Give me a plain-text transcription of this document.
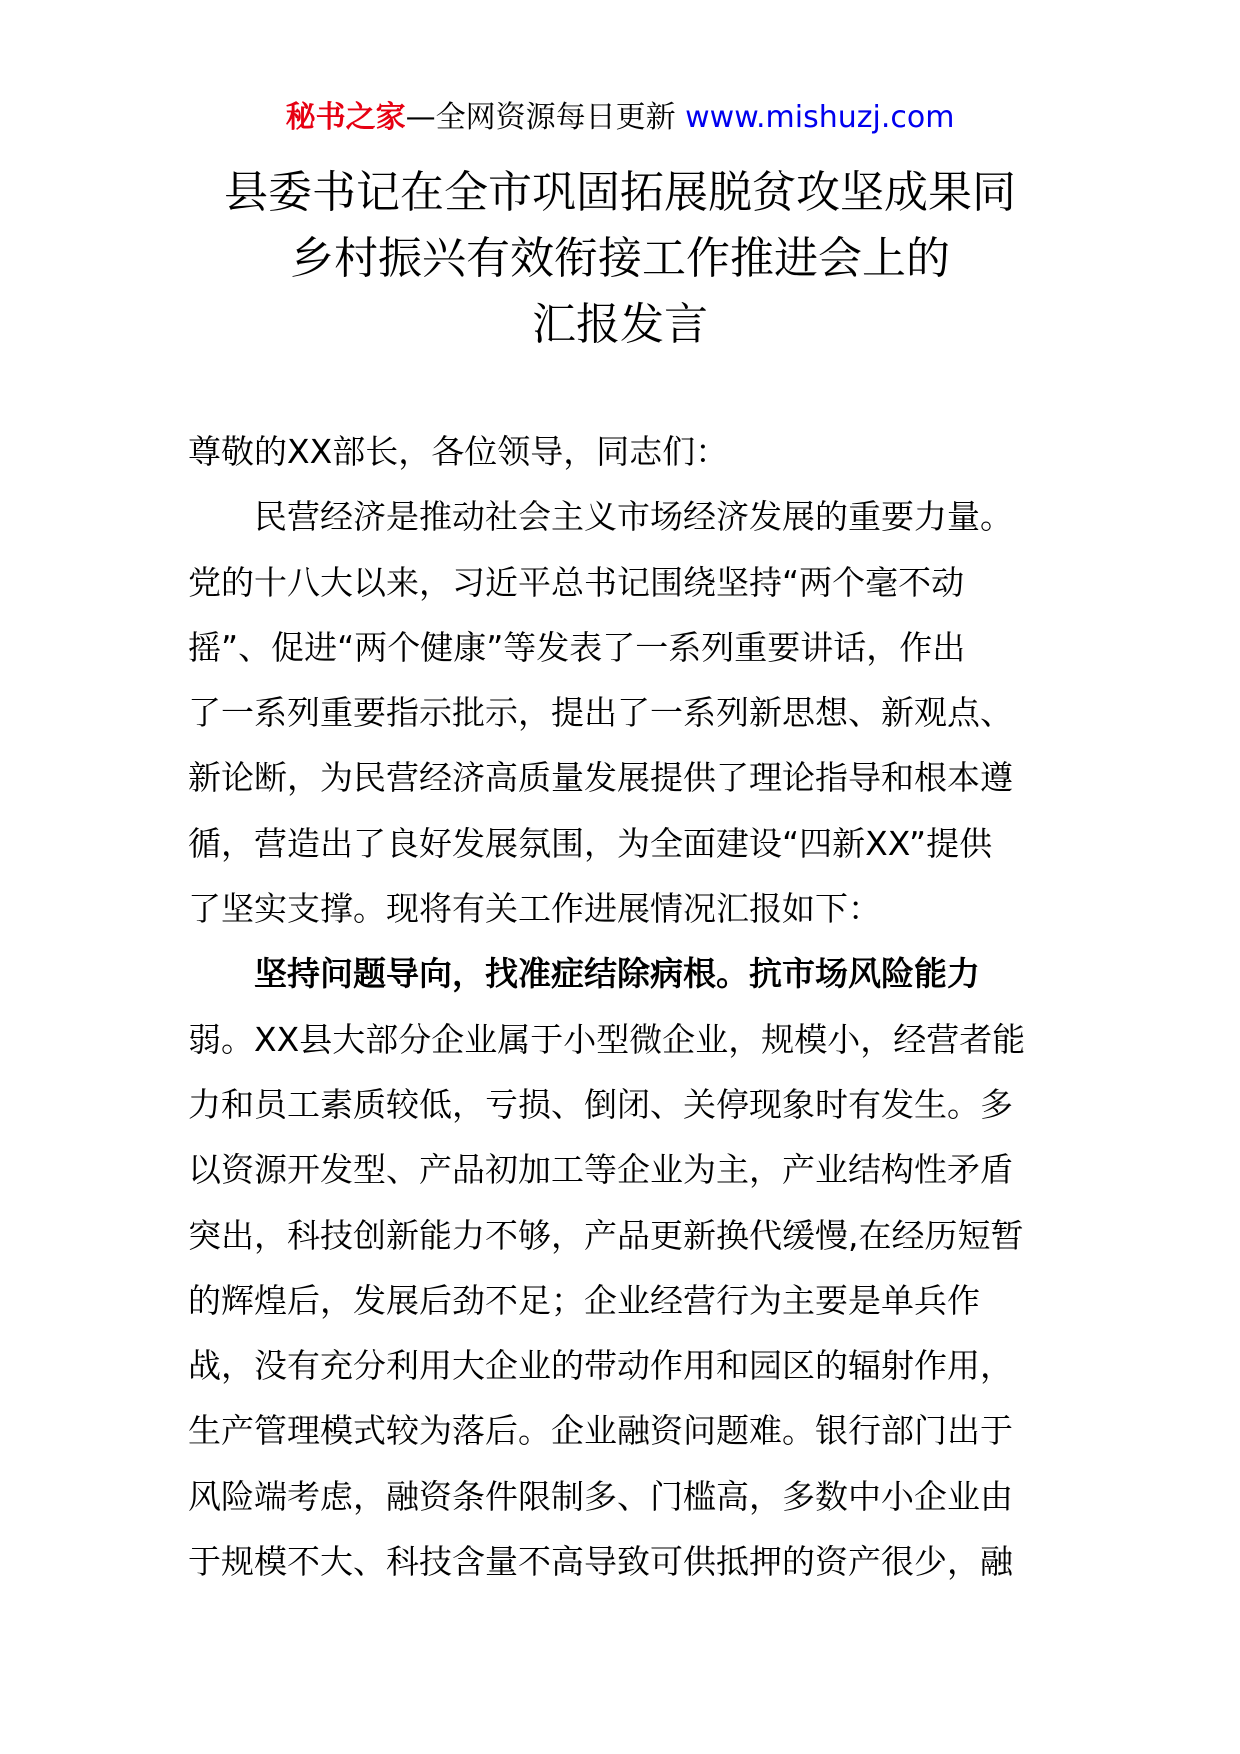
秘书之家—全网资源每日更新 www.mishuzj.com
县委书记在全市巩固拓展脱贫攻坚成果同
乡村振兴有效衔接工作推进会上的
汇报发言

尊敬的XX部长，各位领导，同志们：

　　民营经济是推动社会主义市场经济发展的重要力量。

党的十八大以来，习近平总书记围绕坚持“两个毫不动

摇”、促进“两个健康”等发表了一系列重要讲话，作出

了一系列重要指示批示，提出了一系列新思想、新观点、

新论断，为民营经济高质量发展提供了理论指导和根本遵

循，营造出了良好发展氛围，为全面建设“四新XX”提供

了坚实支撑。现将有关工作进展情况汇报如下：

　　坚持问题导向，找准症结除病根。抗市场风险能力

弱。XX县大部分企业属于小型微企业，规模小，经营者能

力和员工素质较低，亏损、倒闭、关停现象时有发生。多

以资源开发型、产品初加工等企业为主，产业结构性矛盾

突出，科技创新能力不够，产品更新换代缓慢,在经历短暂

的辉煌后，发展后劲不足；企业经营行为主要是单兵作

战，没有充分利用大企业的带动作用和园区的辐射作用，

生产管理模式较为落后。企业融资问题难。银行部门出于

风险端考虑，融资条件限制多、门槛高，多数中小企业由

于规模不大、科技含量不高导致可供抵押的资产很少，融
